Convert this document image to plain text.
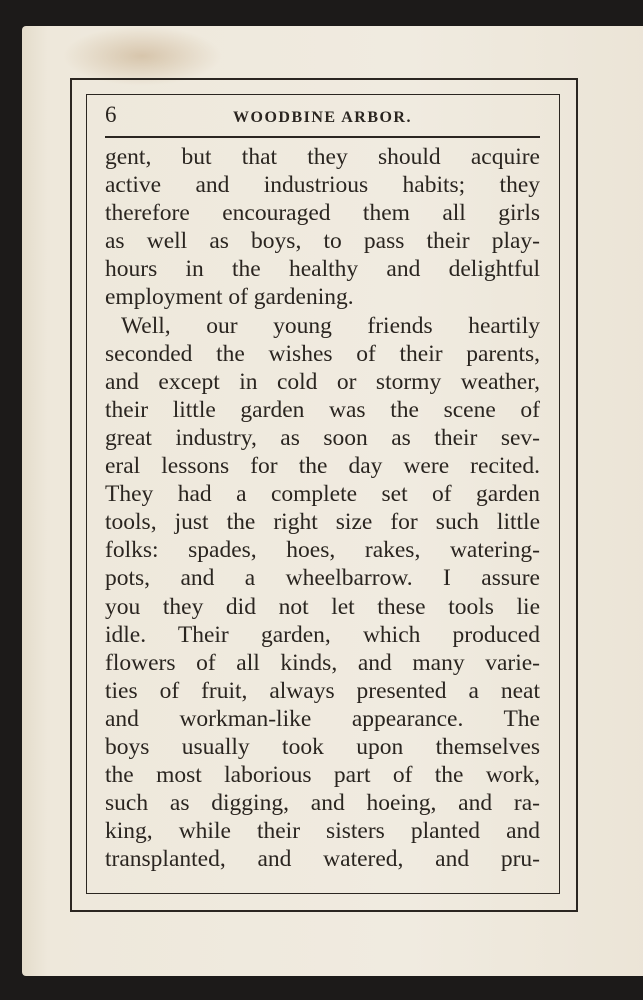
6	WOODBINE ARBOR.
gent, but that they should acquire
active and industrious habits; they
therefore encouraged them all girls
as well as boys, to pass their play-
hours in the healthy and delightful
employment of gardening.
Well, our young friends heartily
seconded the wishes of their parents,
and except in cold or stormy weather,
their little garden was the scene of
great industry, as soon as their sev-
eral lessons for the day were recited.
They had a complete set of garden
tools, just the right size for such little
folks: spades, hoes, rakes, watering-
pots, and a wheelbarrow. I assure
you they did not let these tools lie
idle. Their garden, which produced
flowers of all kinds, and many varie-
ties of fruit, always presented a neat
and workman-like appearance. The
boys usually took upon themselves
the most laborious part of the work,
such as digging, and hoeing, and ra-
king, while their sisters planted and
transplanted, and watered, and pru-
